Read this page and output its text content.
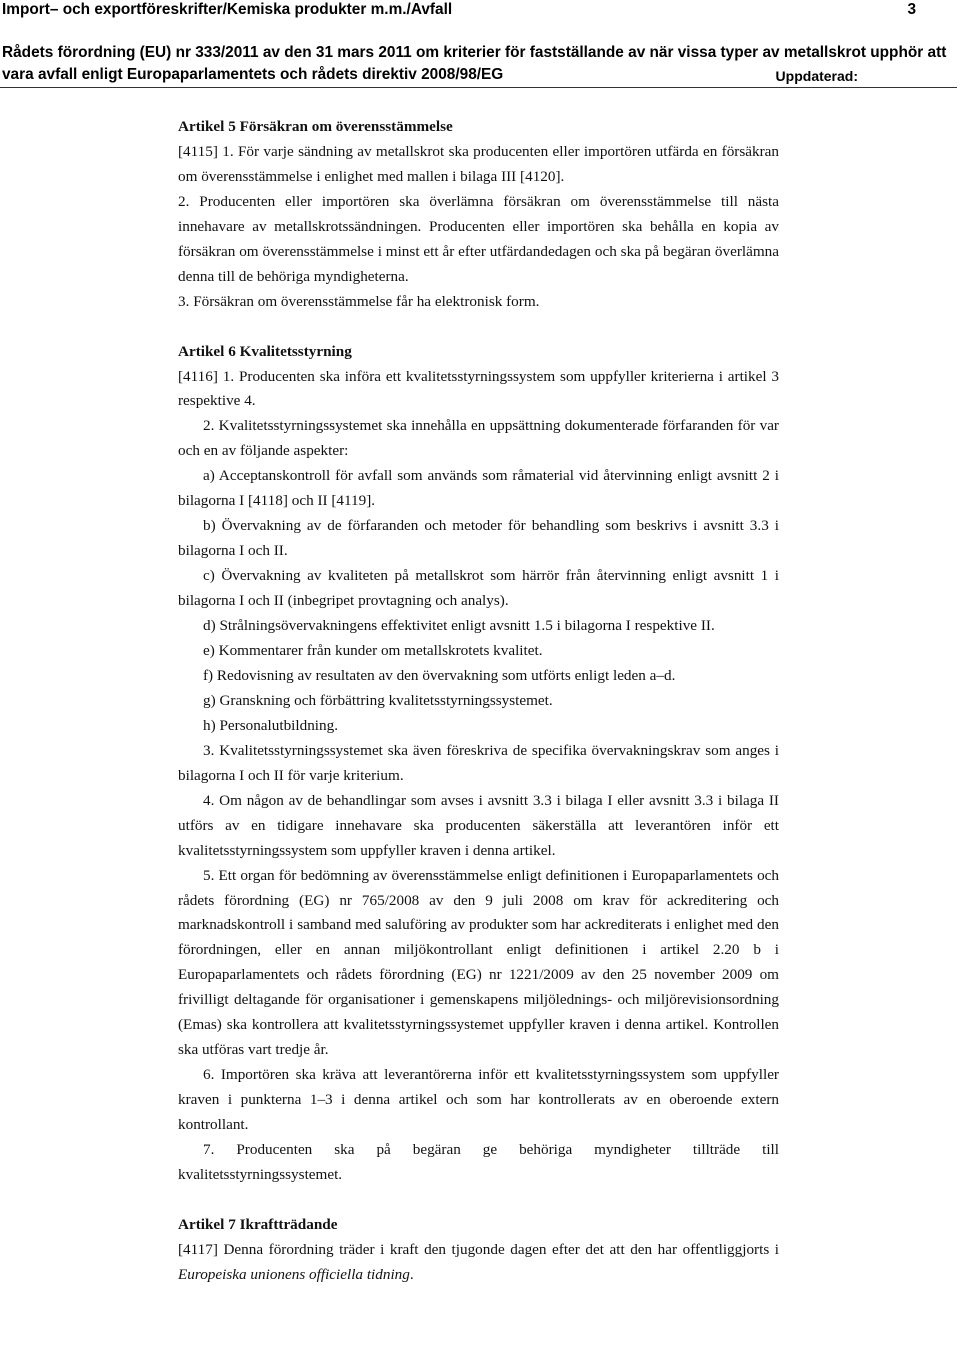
Import– och exportföreskrifter/Kemiska produkter m.m./Avfall	3
Rådets förordning (EU) nr 333/2011 av den 31 mars 2011 om kriterier för fastställande av när vissa typer av metallskrot upphör att
vara avfall enligt Europaparlamentets och rådets direktiv 2008/98/EG	Uppdaterad:
Artikel 5 Försäkran om överensstämmelse

[4115] 1. För varje sändning av metallskrot ska producenten eller importören utfärda en försäkran om överensstämmelse i enlighet med mallen i bilaga III [4120].

2. Producenten eller importören ska överlämna försäkran om överensstämmelse till nästa innehavare av metallskrotssändningen. Producenten eller importören ska behålla en kopia av försäkran om överensstämmelse i minst ett år efter utfärdandedagen och ska på begäran överlämna denna till de behöriga myndigheterna.

3. Försäkran om överensstämmelse får ha elektronisk form.

Artikel 6 Kvalitetsstyrning

[4116] 1. Producenten ska införa ett kvalitetsstyrningssystem som uppfyller kriterierna i artikel 3 respektive 4.

2. Kvalitetsstyrningssystemet ska innehålla en uppsättning dokumenterade förfaranden för var och en av följande aspekter:

a) Acceptanskontroll för avfall som används som råmaterial vid återvinning enligt avsnitt 2 i bilagorna I [4118] och II [4119].

b) Övervakning av de förfaranden och metoder för behandling som beskrivs i avsnitt 3.3 i bilagorna I och II.

c) Övervakning av kvaliteten på metallskrot som härrör från återvinning enligt avsnitt 1 i bilagorna I och II (inbegripet provtagning och analys).

d) Strålningsövervakningens effektivitet enligt avsnitt 1.5 i bilagorna I respektive II.

e) Kommentarer från kunder om metallskrotets kvalitet.

f) Redovisning av resultaten av den övervakning som utförts enligt leden a–d.

g) Granskning och förbättring kvalitetsstyrningssystemet.

h) Personalutbildning.

3. Kvalitetsstyrningssystemet ska även föreskriva de specifika övervakningskrav som anges i bilagorna I och II för varje kriterium.

4. Om någon av de behandlingar som avses i avsnitt 3.3 i bilaga I eller avsnitt 3.3 i bilaga II utförs av en tidigare innehavare ska producenten säkerställa att leverantören inför ett kvalitetsstyrningssystem som uppfyller kraven i denna artikel.

5. Ett organ för bedömning av överensstämmelse enligt definitionen i Europaparlamentets och rådets förordning (EG) nr 765/2008 av den 9 juli 2008 om krav för ackreditering och marknadskontroll i samband med saluföring av produkter som har ackrediterats i enlighet med den förordningen, eller en annan miljökontrollant enligt definitionen i artikel 2.20 b i Europaparlamentets och rådets förordning (EG) nr 1221/2009 av den 25 november 2009 om frivilligt deltagande för organisationer i gemenskapens miljölednings- och miljörevisionsordning (Emas) ska kontrollera att kvalitetsstyrningssystemet uppfyller kraven i denna artikel. Kontrollen ska utföras vart tredje år.

6. Importören ska kräva att leverantörerna inför ett kvalitetsstyrningssystem som uppfyller kraven i punkterna 1–3 i denna artikel och som har kontrollerats av en oberoende extern kontrollant.

7. Producenten ska på begäran ge behöriga myndigheter tillträde till kvalitetsstyrningssystemet.

Artikel 7 Ikraftträdande

[4117] Denna förordning träder i kraft den tjugonde dagen efter det att den har offentliggjorts i Europeiska unionens officiella tidning.
